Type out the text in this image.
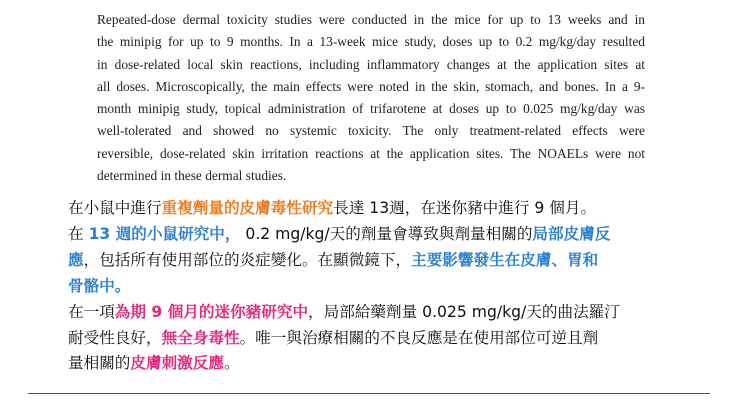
Repeated-dose dermal toxicity studies were conducted in the mice for up to 13 weeks and in
the minipig for up to 9 months. In a 13-week mice study, doses up to 0.2 mg/kg/day resulted
in dose-related local skin reactions, including inflammatory changes at the application sites at
all doses. Microscopically, the main effects were noted in the skin, stomach, and bones. In a 9-
month minipig study, topical administration of trifarotene at doses up to 0.025 mg/kg/day was
well-tolerated and showed no systemic toxicity. The only treatment-related effects were
reversible, dose-related skin irritation reactions at the application sites. The NOAELs were not
determined in these dermal studies.
在小鼠中進行重複劑量的皮膚毒性研究長達 13週，在迷你豬中進行 9 個月。
在 13 週的小鼠研究中， 0.2 mg/kg/天的劑量會導致與劑量相關的局部皮膚反
應，包括所有使用部位的炎症變化。在顯微鏡下，主要影響發生在皮膚、胃和
骨骼中。
在一項為期 9 個月的迷你豬研究中，局部給藥劑量 0.025 mg/kg/天的曲法羅汀
耐受性良好，無全身毒性。唯一與治療相關的不良反應是在使用部位可逆且劑
量相關的皮膚刺激反應。
